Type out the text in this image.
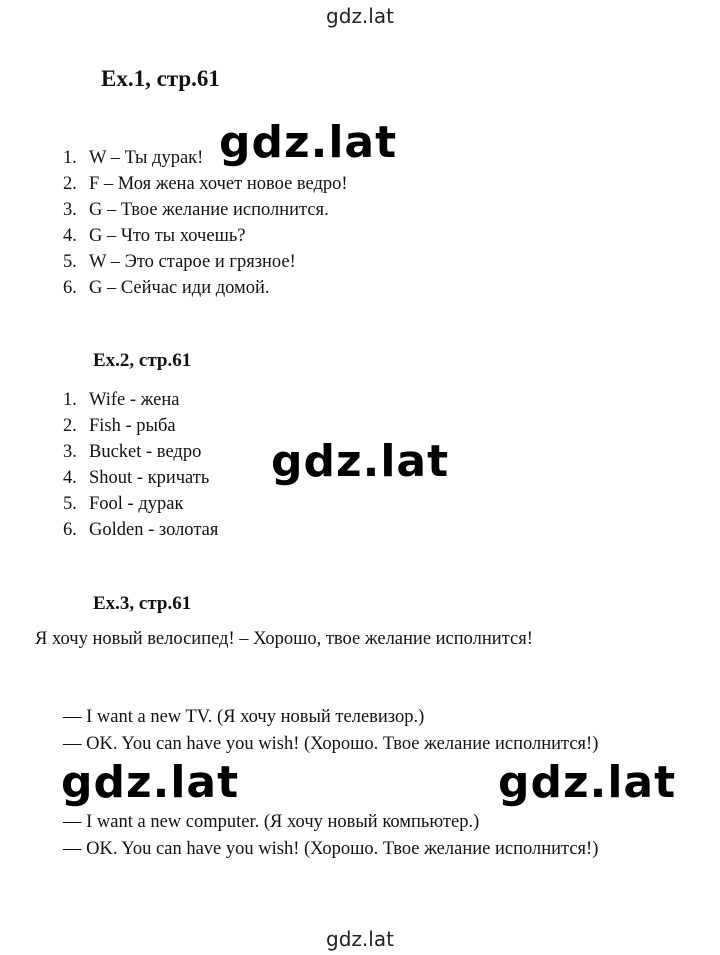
gdz.lat
Ex.1, стр.61
1. W – Ты дурак!
2. F – Моя жена хочет новое ведро!
3. G – Твое желание исполнится.
4. G – Что ты хочешь?
5. W – Это старое и грязное!
6. G – Сейчас иди домой.
Ex.2, стр.61
1. Wife - жена
2. Fish - рыба
3. Bucket - ведро
4. Shout - кричать
5. Fool - дурак
6. Golden - золотая
Ex.3, стр.61
Я хочу новый велосипед! – Хорошо, твое желание исполнится!
— I want a new TV. (Я хочу новый телевизор.)
— OK. You can have you wish! (Хорошо. Твое желание исполнится!)
— I want a new computer. (Я хочу новый компьютер.)
— OK. You can have you wish! (Хорошо. Твое желание исполнится!)
gdz.lat
gdz.lat
gdz.lat	gdz.lat
gdz.lat
